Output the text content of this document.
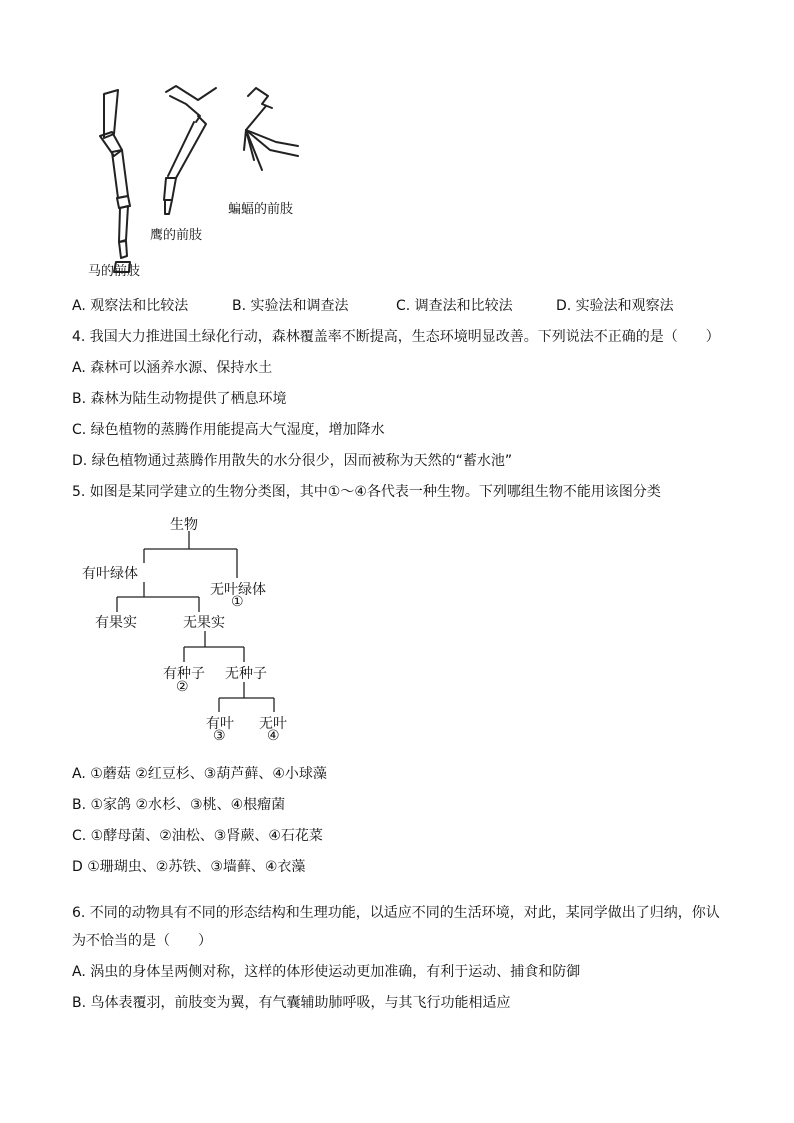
蝙蝠的前肢
鹰的前肢
马的前肢
A. 观察法和比较法	B. 实验法和调查法	C. 调查法和比较法	D. 实验法和观察法
4. 我国大力推进国土绿化行动，森林覆盖率不断提高，生态环境明显改善。下列说法不正确的是（　　）
A. 森林可以涵养水源、保持水土
B. 森林为陆生动物提供了栖息环境
C. 绿色植物的蒸腾作用能提高大气湿度，增加降水
D. 绿色植物通过蒸腾作用散失的水分很少，因而被称为天然的“蓄水池”
5. 如图是某同学建立的生物分类图，其中①～④各代表一种生物。下列哪组生物不能用该图分类
生物
有叶绿体
无叶绿体
①
有果实	无果实
有种子
②
无种子
有叶
③
无叶
④
A. ①蘑菇 ②红豆杉、③葫芦藓、④小球藻
B. ①家鸽 ②水杉、③桃、④根瘤菌
C. ①酵母菌、②油松、③肾蕨、④石花菜
D ①珊瑚虫、②苏铁、③墙藓、④衣藻
6. 不同的动物具有不同的形态结构和生理功能，以适应不同的生活环境，对此，某同学做出了归纳，你认
为不恰当的是（　　）
A. 涡虫的身体呈两侧对称，这样的体形使运动更加准确，有利于运动、捕食和防御
B. 鸟体表覆羽，前肢变为翼，有气囊辅助肺呼吸，与其飞行功能相适应
